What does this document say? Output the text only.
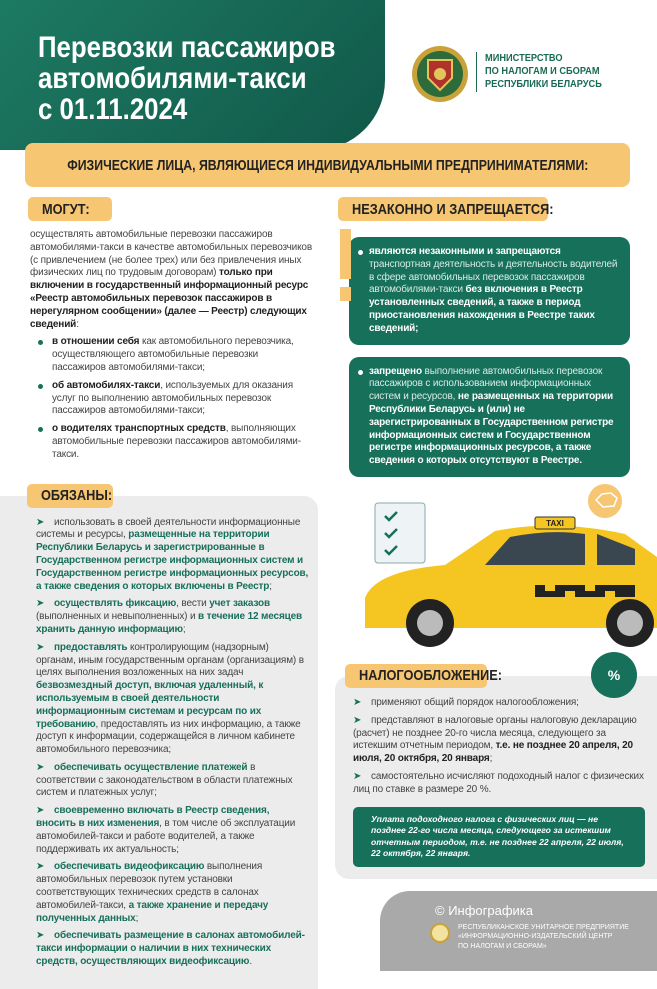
Перевозки пассажиров
автомобилями-такси
с 01.11.2024
МИНИСТЕРСТВО
ПО НАЛОГАМ И СБОРАМ
РЕСПУБЛИКИ БЕЛАРУСЬ
ФИЗИЧЕСКИЕ ЛИЦА, ЯВЛЯЮЩИЕСЯ ИНДИВИДУАЛЬНЫМИ ПРЕДПРИНИМАТЕЛЯМИ:
МОГУТ:

осуществлять автомобильные перевозки пассажиров автомобилями-такси в качестве автомобильных перевозчиков (с привлечением (не более трех) или без привлечения иных физических лиц по трудовым договорам) только при включении в государственный информационный ресурс «Реестр автомобильных перевозок пассажиров в нерегулярном сообщении» (далее — Реестр) следующих сведений:

в отношении себя как автомобильного перевозчика, осуществляющего автомобильные перевозки пассажиров автомобилями-такси;

об автомобилях-такси, используемых для оказания услуг по выполнению автомобильных перевозок пассажиров автомобилями-такси;

о водителях транспортных средств, выполняющих автомобильные перевозки пассажиров автомобилями-такси.

ОБЯЗАНЫ:

➤ использовать в своей деятельности информационные системы и ресурсы, размещенные на территории Республики Беларусь и зарегистрированные в Государственном регистре информационных систем и Государственном регистре информационных ресурсов, а также сведения о которых включены в Реестр;

➤ осуществлять фиксацию, вести учет заказов (выполненных и невыполненных) и в течение 12 месяцев хранить данную информацию;

➤ предоставлять контролирующим (надзорным) органам, иным государственным органам (организациям) в целях выполнения возложенных на них задач безвозмездный доступ, включая удаленный, к используемым в своей деятельности информационным системам и ресурсам по их требованию, предоставлять из них информацию, а также доступ к информации, содержащейся в личном кабинете автомобильного перевозчика;

➤ обеспечивать осуществление платежей в соответствии с законодательством в области платежных систем и платежных услуг;

➤ своевременно включать в Реестр сведения, вносить в них изменения, в том числе об эксплуатации автомобилей-такси и работе водителей, а также поддерживать их актуальность;

➤ обеспечивать видеофиксацию выполнения автомобильных перевозок путем установки соответствующих технических средств в салонах автомобилей-такси, а также хранение и передачу полученных данных;

➤ обеспечивать размещение в салонах автомобилей-такси информации о наличии в них технических средств, осуществляющих видеофиксацию.

НЕЗАКОННО И ЗАПРЕЩАЕТСЯ:

являются незаконными и запрещаются транспортная деятельность и деятельность водителей в сфере автомобильных перевозок пассажиров автомобилями-такси без включения в Реестр установленных сведений, а также в период приостановления нахождения в Реестре таких сведений;

запрещено выполнение автомобильных перевозок пассажиров с использованием информационных систем и ресурсов, не размещенных на территории Республики Беларусь и (или) не зарегистрированных в Государственном регистре информационных систем и Государственном регистре информационных ресурсов, а также сведения о которых отсутствуют в Реестре.

TAXI
НАЛОГООБЛОЖЕНИЕ:	%

➤ применяют общий порядок налогообложения;

➤ представляют в налоговые органы налоговую декларацию (расчет) не позднее 20-го числа месяца, следующего за истекшим отчетным периодом, т.е. не позднее 20 апреля, 20 июля, 20 октября, 20 января;

➤ самостоятельно исчисляют подоходный налог с физических лиц по ставке в размере 20 %.

Уплата подоходного налога с физических лиц — не позднее 22-го числа месяца, следующего за истекшим отчетным периодом, т.е. не позднее 22 апреля, 22 июля, 22 октября, 22 января.
© Инфографика
РЕСПУБЛИКАНСКОЕ УНИТАРНОЕ ПРЕДПРИЯТИЕ
«ИНФОРМАЦИОННО-ИЗДАТЕЛЬСКИЙ ЦЕНТР
ПО НАЛОГАМ И СБОРАМ»
